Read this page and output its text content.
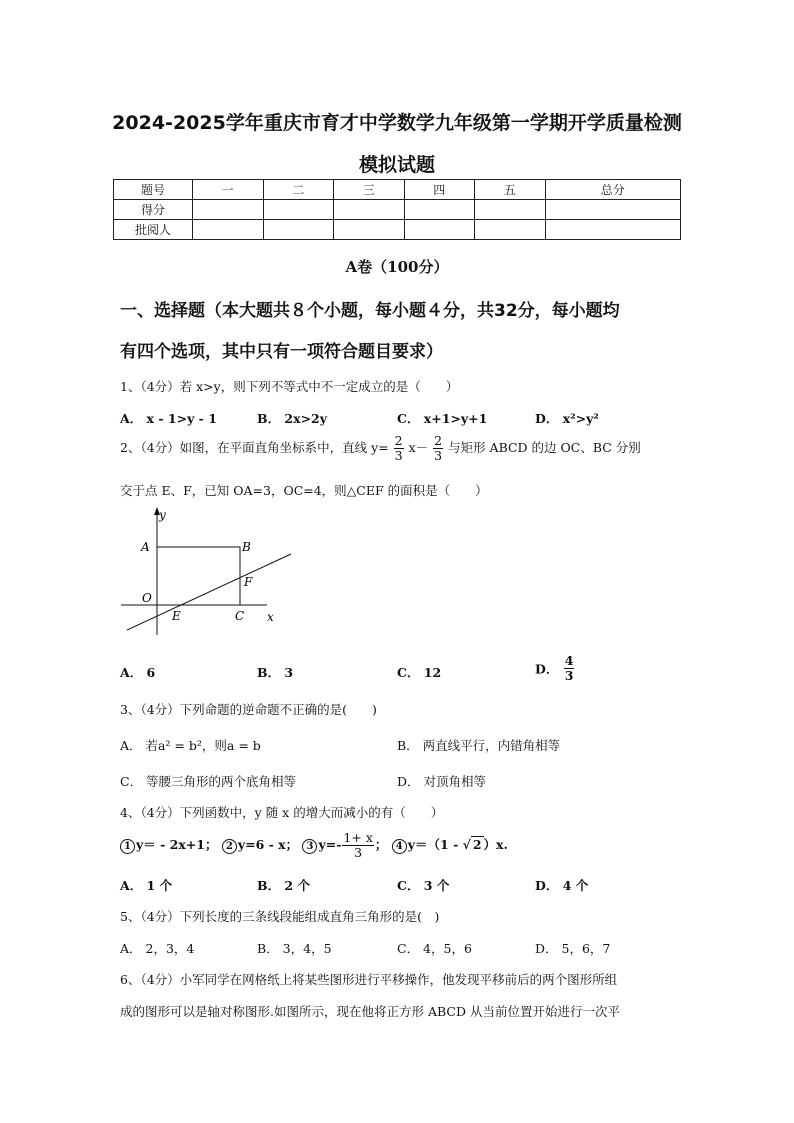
2024-2025学年重庆市育才中学数学九年级第一学期开学质量检测
模拟试题
题号	一	二	三	四	五	总分
得分						
批阅人						
A卷（100分）
一、选择题（本大题共８个小题，每小题４分，共32分，每小题均
有四个选项，其中只有一项符合题目要求）
1、（4分）若 x>y，则下列不等式中不一定成立的是（　　）
A． x - 1>y - 1	B． 2x>2y	C． x+1>y+1	D． x²>y²
2、（4分）如图，在平面直角坐标系中，直线 $y= \frac{2}{3} x- \frac{2}{3}$ 与矩形 ABCD 的边 OC、BC 分别
交于点 E、F，已知 OA=3，OC=4，则△CEF 的面积是（　　）
y
x
A	B
F
O
E	C
A． 6	B． 3	C． 12	D． $\frac{4}{3}$
3、（4分）下列命题的逆命题不正确的是(　　)
A． 若a² = b²，则a = b	B． 两直线平行，内错角相等
C． 等腰三角形的两个底角相等	D． 对顶角相等
4、（4分）下列函数中，y 随 x 的增大而减小的有（　　）
1 y＝ - 2x+1； 2 y=6 - x； 3 $y=- \frac{1+ x}{3}$ ； 4 y＝（1 - √ 2 ）x.
A． 1 个	B． 2 个	C． 3 个	D． 4 个
5、（4分）下列长度的三条线段能组成直角三角形的是(　)
A． 2，3，4	B． 3，4，5	C． 4，5，6	D． 5，6，7
6、（4分）小军同学在网格纸上将某些图形进行平移操作，他发现平移前后的两个图形所组
成的图形可以是轴对称图形.如图所示，现在他将正方形 ABCD 从当前位置开始进行一次平
